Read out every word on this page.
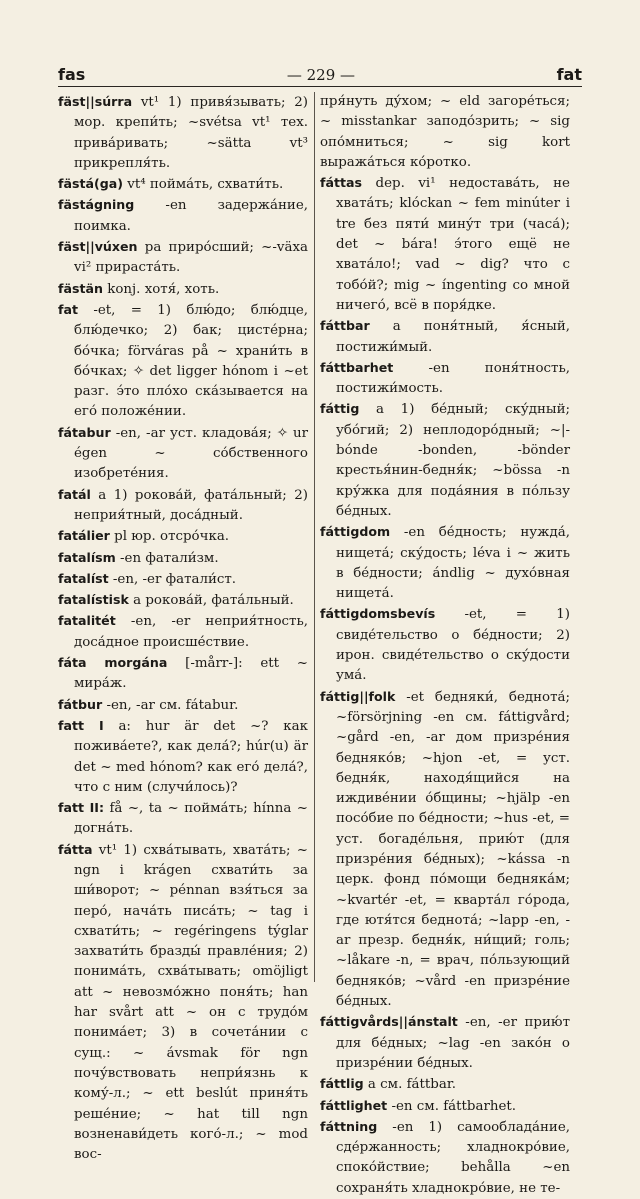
fas	— 229 —	fat

fäst||súrra vt¹ 1) привя́зывать; 2) мор. крепи́ть; ~svétsa vt¹ тех. прива́ривать; ~sätta vt³ прикрепля́ть.

fästá(ga) vt⁴ пойма́ть, схвати́ть.

fästágning -en задержа́ние, поимка.

fäst||vúxen pa приро́сший; ~-växa vi² прираста́ть.

fästän konj. хотя́, хоть.

fat -et, = 1) блю́до; блю́дце, блю́дечко; 2) бак; цисте́рна; бо́чка; förváras på ~ храни́ть в бо́чках; ✧ det ligger hónom i ~et разг. э́то пло́хо ска́зывается на его́ положе́нии.

fátabur -en, -ar уст. кладова́я; ✧ ur égen ~ со́бственного изобрете́ния.

fatál a 1) рокова́й, фата́льный; 2) неприя́тный, доса́дный.

fatálier pl юр. отсро́чка.

fatalísm -en фатали́зм.

fatalíst -en, -er фатали́ст.

fatalístisk a рокова́й, фата́льный.

fatalitét -en, -er неприя́тность, доса́дное происше́ствие.

fáta morgána [-mårr-]: ett ~ мира́ж.

fátbur -en, -ar см. fátabur.

fatt I a: hur är det ~? как пожива́ете?, как дела́?; húr(u) är det ~ med hónom? как его́ дела́?, что с ним (случи́лось)?

fatt II: få ~, ta ~ пойма́ть; hínna ~ догна́ть.

fátta vt¹ 1) схва́тывать, хвата́ть; ~ ngn i krágen схвати́ть за ши́ворот; ~ pénnan взя́ться за перо́, нача́ть писа́ть; ~ tag i схвати́ть; ~ regéringens týglar захвати́ть бразды́ правле́ния; 2) понима́ть, схва́тывать; omöjligt att ~ невозмо́жно поня́ть; han har svårt att ~ он с трудо́м понима́ет; 3) в сочета́нии с сущ.: ~ ávsmak för ngn почу́вствовать непри́язнь к кому́-л.; ~ ett beslút приня́ть реше́ние; ~ hat till ngn возненави́деть кого́-л.; ~ mod вос-

пря́нуть ду́хом; ~ eld загоре́ться; ~ misstankar заподо́зрить; ~ sig опо́мниться; ~ sig kort выража́ться ко́ротко.

fáttas dep. vi¹ недостава́ть, не хвата́ть; klóckan ~ fem minúter i tre без пяти́ мину́т три (часа́); det ~ bára! э́того ещё не хвата́ло!; vad ~ dig? что с тобо́й?; mig ~ íngenting со мной ничего́, всё в поря́дке.

fáttbar a поня́тный, я́сный, постижи́мый.

fáttbarhet -en поня́тность, постижи́мость.

fáttig a 1) бе́дный; ску́дный; убо́гий; 2) неплодоро́дный; ~|-bónde -bonden, -bönder крестья́нин-бедня́к; ~bössa -n кру́жка для пода́яния в по́льзу бе́дных.

fáttigdom -en бе́дность; нужда́, нищета́; ску́дость; léva i ~ жить в бе́дности; ándlig ~ духо́вная нищета́.

fáttigdomsbevís -et, = 1) свиде́тельство о бе́дности; 2) ирон. свиде́тельство о ску́дости ума́.

fáttig||folk -et бедняки́, беднота́; ~försörjning -en см. fáttigvård; ~gård -en, -ar дом призре́ния бедняко́в; ~hjon -et, = уст. бедня́к, находя́щийся на иждиве́нии о́бщины; ~hjälp -en посо́бие по бе́дности; ~hus -et, = уст. богаде́льня, прию́т (для призре́ния бе́дных); ~kássa -n церк. фонд по́мощи бедняка́м; ~kvartér -et, = кварта́л го́рода, где ютя́тся беднота́; ~lapp -en, -ar презр. бедня́к, ни́щий; голь; ~låkare -n, = врач, по́льзующий бедняко́в; ~vård -en призре́ние бе́дных.

fáttigvårds||ánstalt -en, -er прию́т для бе́дных; ~lag -en зако́н о призре́нии бе́дных.

fáttlig a см. fáttbar.

fáttlighet -en см. fáttbarhet.

fáttning -en 1) самооблада́ние, сде́ржанность; хладнокро́вие, споко́йствие; behålla ~en сохраня́ть хладнокро́вие, не те-
